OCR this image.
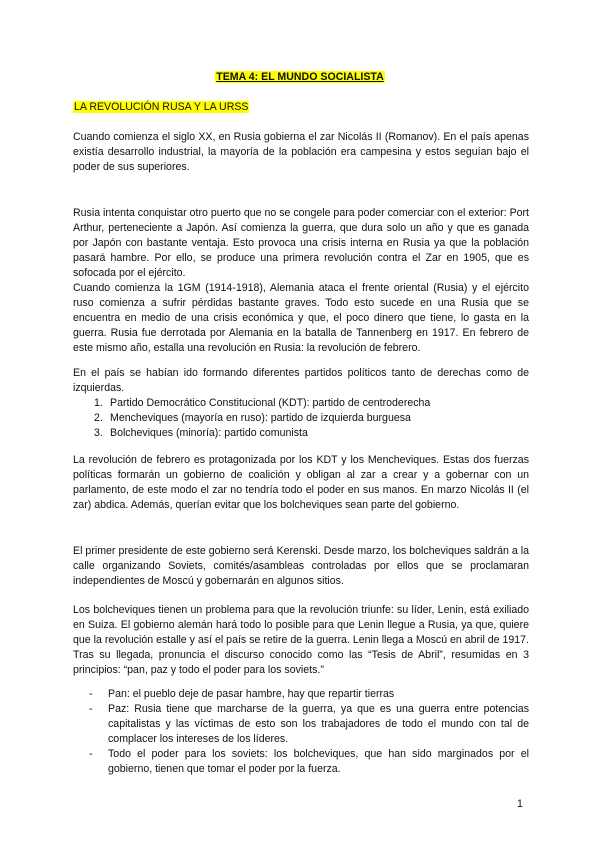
TEMA 4: EL MUNDO SOCIALISTA
LA REVOLUCIÓN RUSA Y LA URSS

Cuando comienza el siglo XX, en Rusia gobierna el zar Nicolás II (Romanov). En el país apenas existía desarrollo industrial, la mayoría de la población era campesina y estos seguían bajo el poder de sus superiores.

Rusia intenta conquistar otro puerto que no se congele para poder comerciar con el exterior: Port Arthur, perteneciente a Japón. Así comienza la guerra, que dura solo un año y que es ganada por Japón con bastante ventaja. Esto provoca una crisis interna en Rusia ya que la población pasará hambre. Por ello, se produce una primera revolución contra el Zar en 1905, que es sofocada por el ejército.

Cuando comienza la 1GM (1914-1918), Alemania ataca el frente oriental (Rusia) y el ejército ruso comienza a sufrir pérdidas bastante graves. Todo esto sucede en una Rusia que se encuentra en medio de una crisis económica y que, el poco dinero que tiene, lo gasta en la guerra. Rusia fue derrotada por Alemania en la batalla de Tannenberg en 1917. En febrero de este mismo año, estalla una revolución en Rusia: la revolución de febrero.

En el país se habían ido formando diferentes partidos políticos tanto de derechas como de izquierdas.

1. Partido Democrático Constitucional (KDT): partido de centroderecha
2. Mencheviques (mayoría en ruso): partido de izquierda burguesa
3. Bolcheviques (minoría): partido comunista

La revolución de febrero es protagonizada por los KDT y los Mencheviques. Estas dos fuerzas políticas formarán un gobierno de coalición y obligan al zar a crear y a gobernar con un parlamento, de este modo el zar no tendría todo el poder en sus manos. En marzo Nicolás II (el zar) abdica. Además, querían evitar que los bolcheviques sean parte del gobierno.

El primer presidente de este gobierno será Kerenski. Desde marzo, los bolcheviques saldrán a la calle organizando Soviets, comités/asambleas controladas por ellos que se proclamaran independientes de Moscú y gobernarán en algunos sitios.

Los bolcheviques tienen un problema para que la revolución triunfe: su líder, Lenin, está exiliado en Suiza. El gobierno alemán hará todo lo posible para que Lenin llegue a Rusia, ya que, quiere que la revolución estalle y así el país se retire de la guerra. Lenin llega a Moscú en abril de 1917. Tras su llegada, pronuncia el discurso conocido como las “Tesis de Abril”, resumidas en 3 principios: “pan, paz y todo el poder para los soviets.”

- Pan: el pueblo deje de pasar hambre, hay que repartir tierras
- Paz: Rusia tiene que marcharse de la guerra, ya que es una guerra entre potencias capitalistas y las víctimas de esto son los trabajadores de todo el mundo con tal de complacer los intereses de los líderes.
- Todo el poder para los soviets: los bolcheviques, que han sido marginados por el gobierno, tienen que tomar el poder por la fuerza.
1
